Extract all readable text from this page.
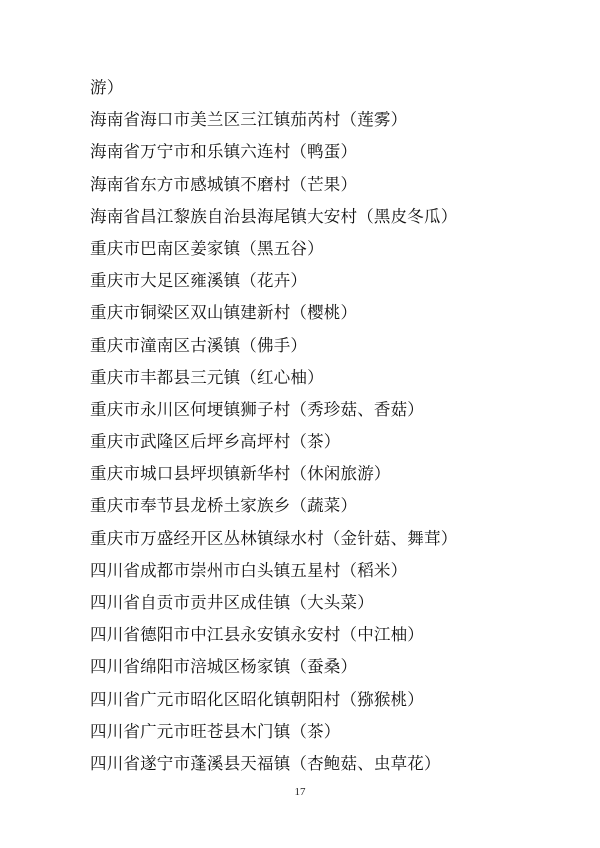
游）
海南省海口市美兰区三江镇茄芮村（莲雾）
海南省万宁市和乐镇六连村（鸭蛋）
海南省东方市感城镇不磨村（芒果）
海南省昌江黎族自治县海尾镇大安村（黑皮冬瓜）
重庆市巴南区姜家镇（黑五谷）
重庆市大足区雍溪镇（花卉）
重庆市铜梁区双山镇建新村（樱桃）
重庆市潼南区古溪镇（佛手）
重庆市丰都县三元镇（红心柚）
重庆市永川区何埂镇狮子村（秀珍菇、香菇）
重庆市武隆区后坪乡高坪村（茶）
重庆市城口县坪坝镇新华村（休闲旅游）
重庆市奉节县龙桥土家族乡（蔬菜）
重庆市万盛经开区丛林镇绿水村（金针菇、舞茸）
四川省成都市崇州市白头镇五星村（稻米）
四川省自贡市贡井区成佳镇（大头菜）
四川省德阳市中江县永安镇永安村（中江柚）
四川省绵阳市涪城区杨家镇（蚕桑）
四川省广元市昭化区昭化镇朝阳村（猕猴桃）
四川省广元市旺苍县木门镇（茶）
四川省遂宁市蓬溪县天福镇（杏鲍菇、虫草花）
17
